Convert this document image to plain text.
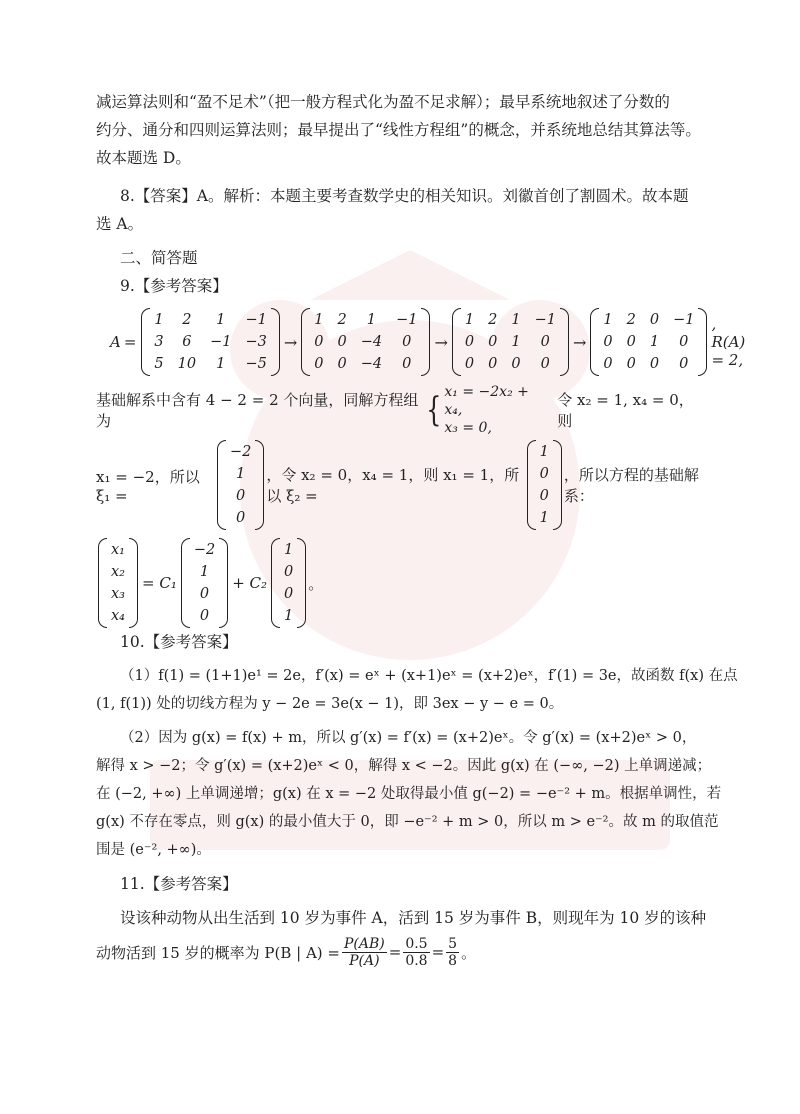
减运算法则和“盈不足术”（把一般方程式化为盈不足求解）；最早系统地叙述了分数的
约分、通分和四则运算法则；最早提出了“线性方程组”的概念，并系统地总结其算法等。
故本题选 D。
8.【答案】A。解析：本题主要考查数学史的相关知识。刘徽首创了割圆术。故本题
选 A。
二、简答题
9.【参考答案】
A =
1	2	1	−1
3	6	−1 −3
5 10	1	−5
→
1 2	1	−1
0 0 −4	0
0 0 −4	0
→
1 2 1 −1
0 0 1	0
0 0 0	0
→
1 2 0 −1
0 0 1	0
0 0 0	0
, R(A) = 2,
基础解系中含有 4 − 2 = 2 个向量，同解方程组为	{ x₁ = −2x₂ + x₄,
x₃ = 0,
令 x₂ = 1, x₄ = 0，则
x₁ = −2，所以 ξ₁ =
−2
1
0
0
，令 x₂ = 0，x₄ = 1，则 x₁ = 1，所以 ξ₂ =
1
0
0
1
，所以方程的基础解系：
x₁
x₂
x₃
x₄
= C₁
−2
1
0
0
+ C₂
1
0
0
1
。
10.【参考答案】
（1）f(1) = (1+1)e¹ = 2e，f′(x) = eˣ + (x+1)eˣ = (x+2)eˣ，f′(1) = 3e，故函数 f(x) 在点
(1, f(1)) 处的切线方程为 y − 2e = 3e(x − 1)，即 3ex − y − e = 0。
（2）因为 g(x) = f(x) + m，所以 g′(x) = f′(x) = (x+2)eˣ。令 g′(x) = (x+2)eˣ > 0，
解得 x > −2；令 g′(x) = (x+2)eˣ < 0，解得 x < −2。因此 g(x) 在 (−∞, −2) 上单调递减；
在 (−2, +∞) 上单调递增；g(x) 在 x = −2 处取得最小值 g(−2) = −e⁻² + m。根据单调性，若
g(x) 不存在零点，则 g(x) 的最小值大于 0，即 −e⁻² + m > 0，所以 m > e⁻²。故 m 的取值范
围是 (e⁻², +∞)。
11.【参考答案】
设该种动物从出生活到 10 岁为事件 A，活到 15 岁为事件 B，则现年为 10 岁的该种
动物活到 15 岁的概率为 P(B | $A) = \frac{P(AB)}{P(A)} = \frac{0.5}{0.8} = \frac{5}{8}$ 。
